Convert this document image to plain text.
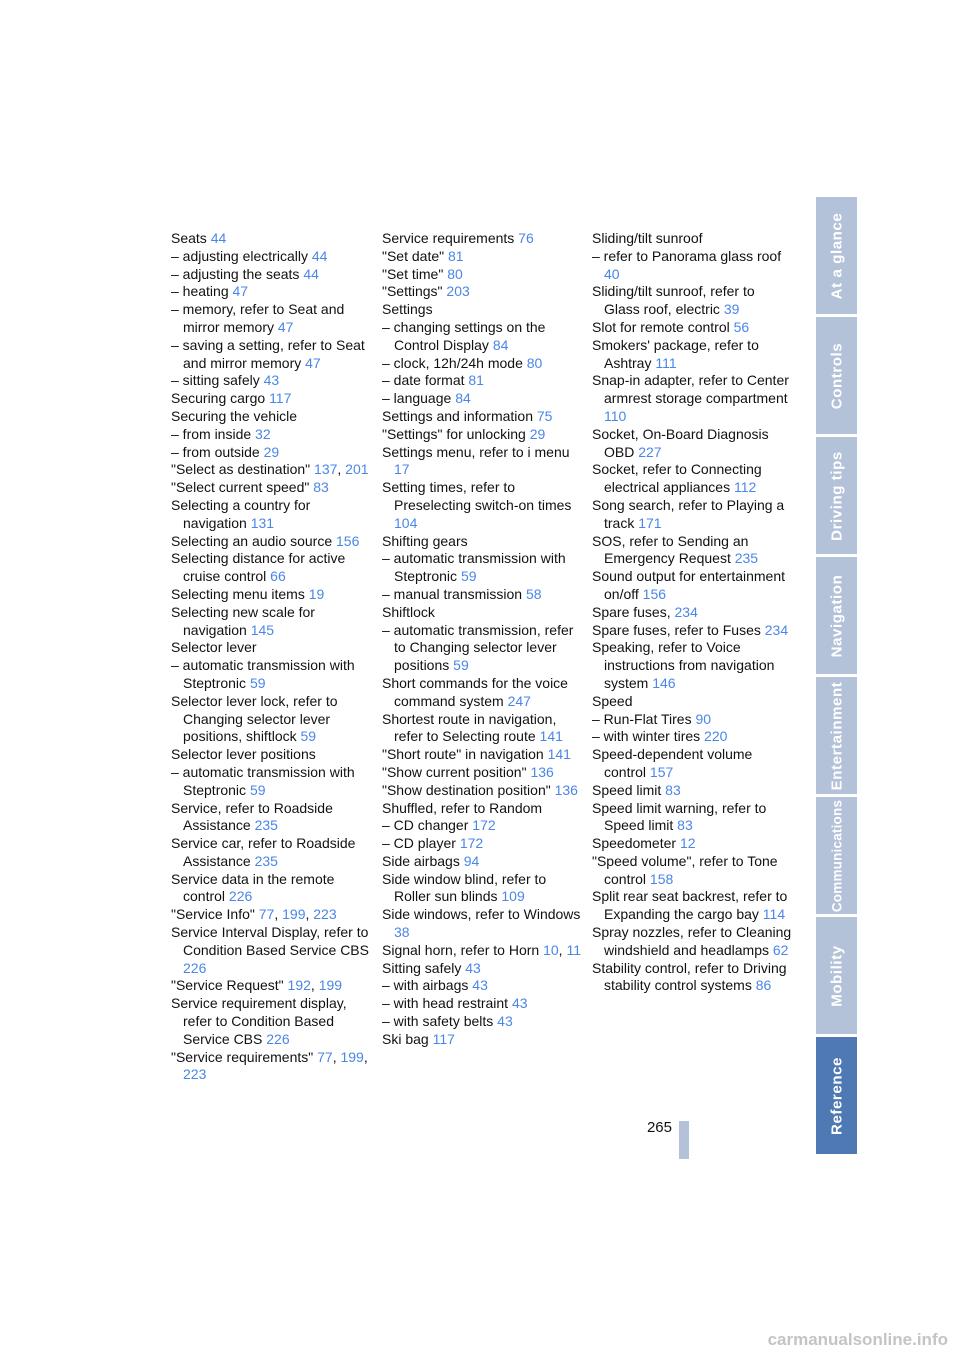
Seats 44
– adjusting electrically 44
– adjusting the seats 44
– heating 47
– memory, refer to Seat and mirror memory 47
– saving a setting, refer to Seat and mirror memory 47
– sitting safely 43
Securing cargo 117
Securing the vehicle
– from inside 32
– from outside 29
"Select as destination" 137, 201
"Select current speed" 83
Selecting a country for navigation 131
Selecting an audio source 156
Selecting distance for active cruise control 66
Selecting menu items 19
Selecting new scale for navigation 145
Selector lever
– automatic transmission with Steptronic 59
Selector lever lock, refer to Changing selector lever positions, shiftlock 59
Selector lever positions
– automatic transmission with Steptronic 59
Service, refer to Roadside Assistance 235
Service car, refer to Roadside Assistance 235
Service data in the remote control 226
"Service Info" 77, 199, 223
Service Interval Display, refer to Condition Based Service CBS 226
"Service Request" 192, 199
Service requirement display, refer to Condition Based Service CBS 226
"Service requirements" 77, 199, 223
Service requirements 76
"Set date" 81
"Set time" 80
"Settings" 203
Settings
– changing settings on the Control Display 84
– clock, 12h/24h mode 80
– date format 81
– language 84
Settings and information 75
"Settings" for unlocking 29
Settings menu, refer to i menu 17
Setting times, refer to Preselecting switch-on times 104
Shifting gears
– automatic transmission with Steptronic 59
– manual transmission 58
Shiftlock
– automatic transmission, refer to Changing selector lever positions 59
Short commands for the voice command system 247
Shortest route in navigation, refer to Selecting route 141
"Short route" in navigation 141
"Show current position" 136
"Show destination position" 136
Shuffled, refer to Random
– CD changer 172
– CD player 172
Side airbags 94
Side window blind, refer to Roller sun blinds 109
Side windows, refer to Windows 38
Signal horn, refer to Horn 10, 11
Sitting safely 43
– with airbags 43
– with head restraint 43
– with safety belts 43
Ski bag 117
Sliding/tilt sunroof
– refer to Panorama glass roof 40
Sliding/tilt sunroof, refer to Glass roof, electric 39
Slot for remote control 56
Smokers' package, refer to Ashtray 111
Snap-in adapter, refer to Center armrest storage compartment 110
Socket, On-Board Diagnosis OBD 227
Socket, refer to Connecting electrical appliances 112
Song search, refer to Playing a track 171
SOS, refer to Sending an Emergency Request 235
Sound output for entertainment on/off 156
Spare fuses, 234
Spare fuses, refer to Fuses 234
Speaking, refer to Voice instructions from navigation system 146
Speed
– Run-Flat Tires 90
– with winter tires 220
Speed-dependent volume control 157
Speed limit 83
Speed limit warning, refer to Speed limit 83
Speedometer 12
"Speed volume", refer to Tone control 158
Split rear seat backrest, refer to Expanding the cargo bay 114
Spray nozzles, refer to Cleaning windshield and headlamps 62
Stability control, refer to Driving stability control systems 86
At a glance
Controls
Driving tips
Navigation
Entertainment
Communications
Mobility
Reference
265
carmanualsonline.info
